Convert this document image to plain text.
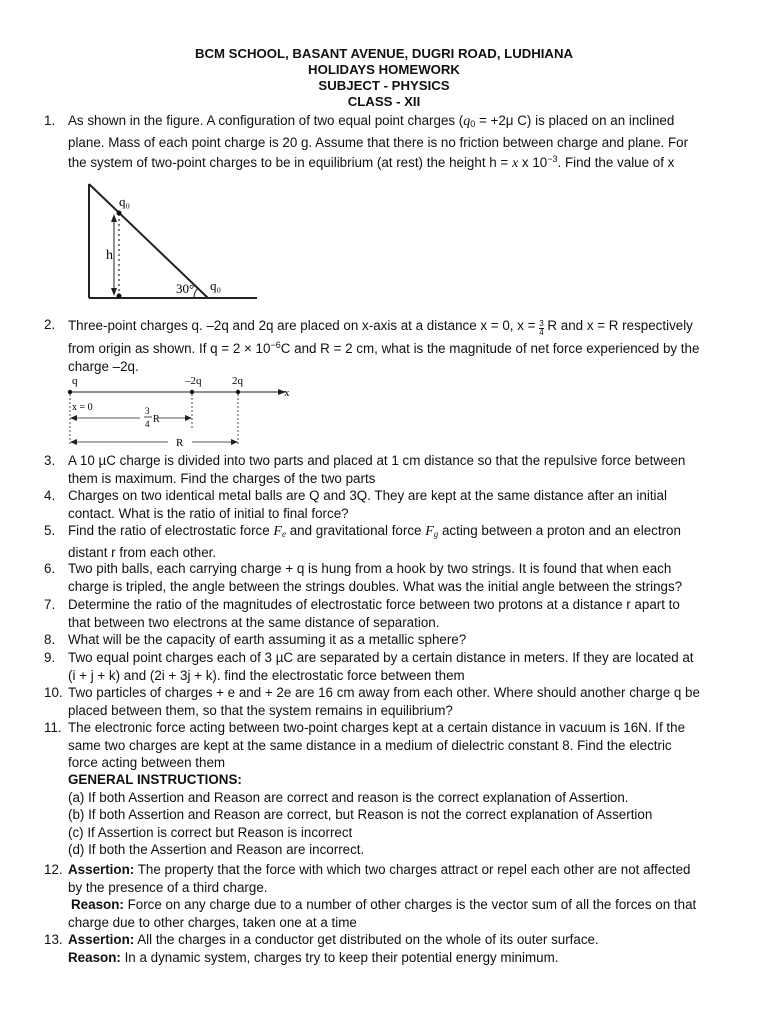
BCM SCHOOL, BASANT AVENUE, DUGRI ROAD, LUDHIANA
HOLIDAYS HOMEWORK
SUBJECT - PHYSICS
CLASS - XII
1. As shown in the figure. A configuration of two equal point charges ($q_0 = +2\mu$ C) is placed on an inclined
plane. Mass of each point charge is 20 g. Assume that there is no friction between charge and plane. For
the system of two-point charges to be in equilibrium (at rest) the height h = x x $10^{-3}$. Find the value of x
q₀
h
30° q₀
2. Three-point charges q. –2q and 2q are placed on x-axis at a distance x = 0, $x = \frac{3}{4}$ R and x = R respectively
from origin as shown. If $q = 2 \times 10^{-6}C$ and R = 2 cm, what is the magnitude of net force experienced by the
charge –2q.
q	–2q	2q
x
x = 0	3
4 R
R
3. A 10 µC charge is divided into two parts and placed at 1 cm distance so that the repulsive force between
them is maximum. Find the charges of the two parts
4. Charges on two identical metal balls are Q and 3Q. They are kept at the same distance after an initial
contact. What is the ratio of initial to final force?
5. Find the ratio of electrostatic force $F_e$ and gravitational force $F_g$ acting between a proton and an electron
distant r from each other.
6. Two pith balls, each carrying charge + q is hung from a hook by two strings. It is found that when each
charge is tripled, the angle between the strings doubles. What was the initial angle between the strings?
7. Determine the ratio of the magnitudes of electrostatic force between two protons at a distance r apart to
that between two electrons at the same distance of separation.
8. What will be the capacity of earth assuming it as a metallic sphere?
9. Two equal point charges each of 3 µC are separated by a certain distance in meters. If they are located at
(i + j + k) and (2i + 3j + k). find the electrostatic force between them
10. Two particles of charges + e and + 2e are 16 cm away from each other. Where should another charge q be
placed between them, so that the system remains in equilibrium?
11. The electronic force acting between two-point charges kept at a certain distance in vacuum is 16N. If the
same two charges are kept at the same distance in a medium of dielectric constant 8. Find the electric
force acting between them
GENERAL INSTRUCTIONS:
(a) If both Assertion and Reason are correct and reason is the correct explanation of Assertion.
(b) If both Assertion and Reason are correct, but Reason is not the correct explanation of Assertion
(c) If Assertion is correct but Reason is incorrect
(d) If both the Assertion and Reason are incorrect.
12. Assertion: The property that the force with which two charges attract or repel each other are not affected
by the presence of a third charge.
Reason: Force on any charge due to a number of other charges is the vector sum of all the forces on that
charge due to other charges, taken one at a time
13. Assertion: All the charges in a conductor get distributed on the whole of its outer surface.
Reason: In a dynamic system, charges try to keep their potential energy minimum.
